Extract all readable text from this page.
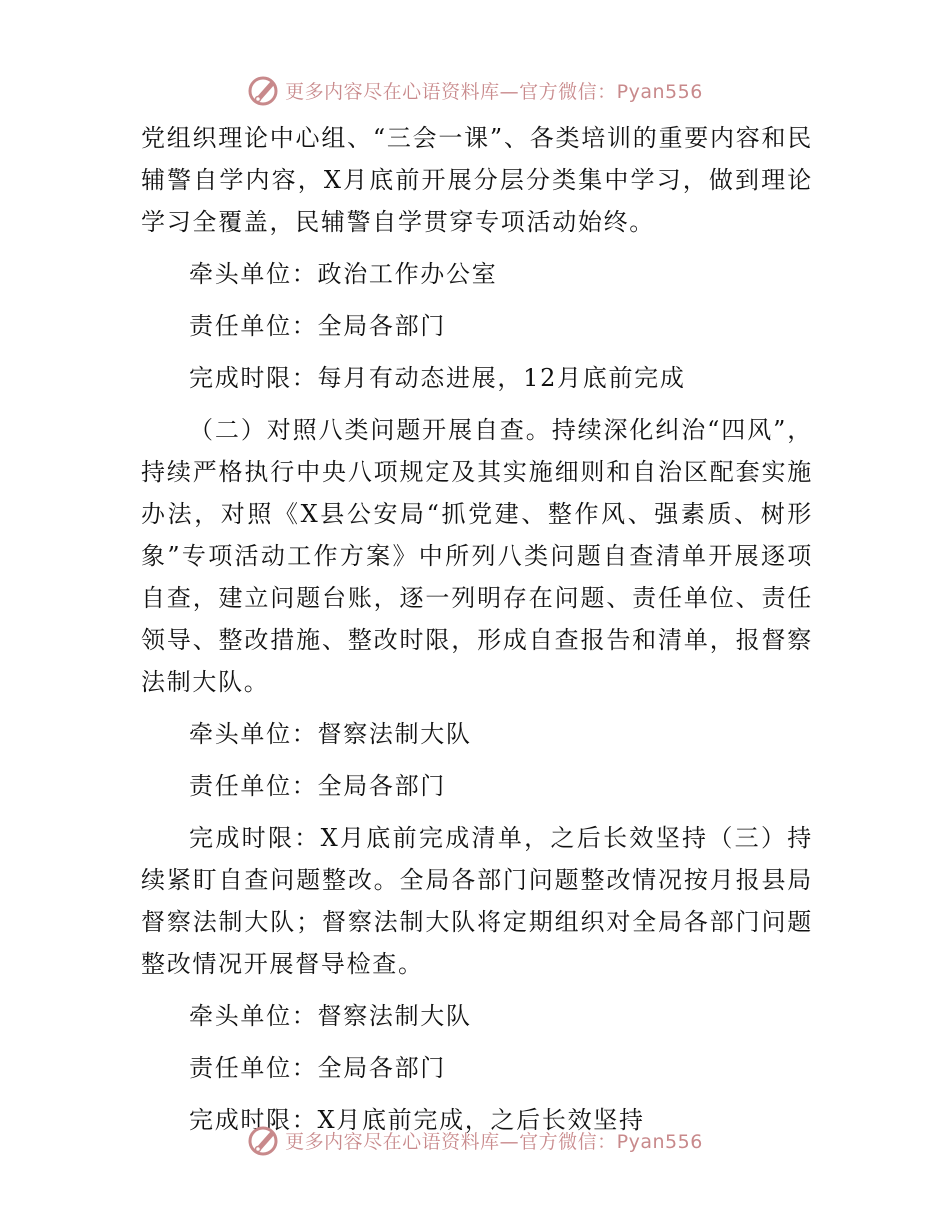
更多内容尽在心语资料库—官方微信：Pyan556

党组织理论中心组、“三会一课”、各类培训的重要内容和民辅警自学内容，X月底前开展分层分类集中学习，做到理论学习全覆盖，民辅警自学贯穿专项活动始终。

牵头单位：政治工作办公室

责任单位：全局各部门

完成时限：每月有动态进展，12月底前完成

（二）对照八类问题开展自查。持续深化纠治“四风”，持续严格执行中央八项规定及其实施细则和自治区配套实施办法，对照《X县公安局“抓党建、整作风、强素质、树形象”专项活动工作方案》中所列八类问题自查清单开展逐项自查，建立问题台账，逐一列明存在问题、责任单位、责任领导、整改措施、整改时限，形成自查报告和清单，报督察法制大队。

牵头单位：督察法制大队

责任单位：全局各部门

完成时限：X月底前完成清单，之后长效坚持（三）持续紧盯自查问题整改。全局各部门问题整改情况按月报县局督察法制大队；督察法制大队将定期组织对全局各部门问题整改情况开展督导检查。

牵头单位：督察法制大队

责任单位：全局各部门

完成时限：X月底前完成，之后长效坚持

更多内容尽在心语资料库—官方微信：Pyan556
